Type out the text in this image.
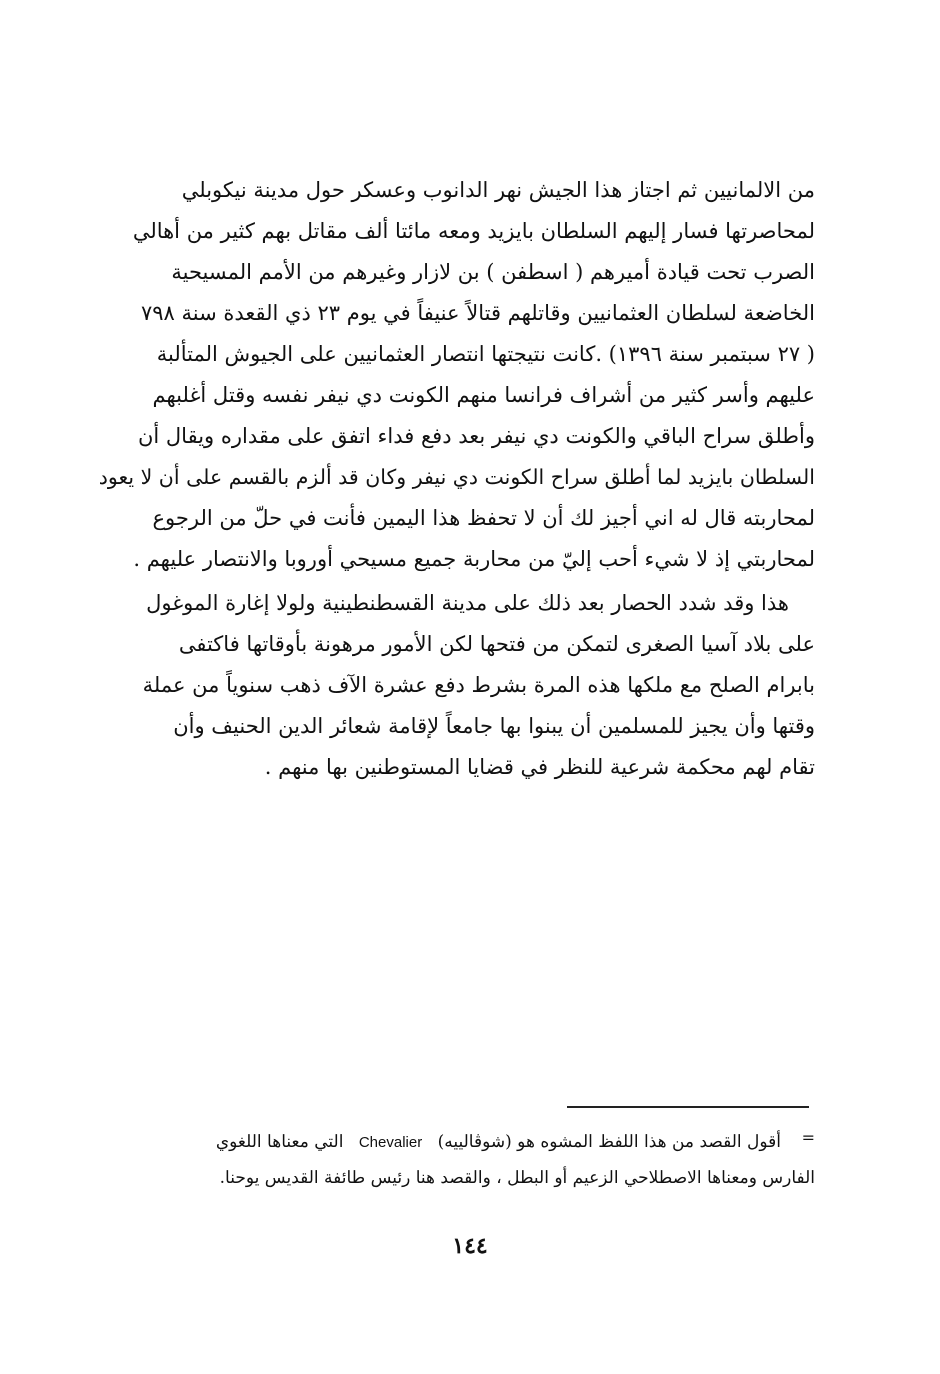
من الالمانيين ثم اجتاز هذا الجيش نهر الدانوب وعسكر حول مدينة نيكوبلي
لمحاصرتها فسار إليهم السلطان بايزيد ومعه مائتا ألف مقاتل بهم كثير من أهالي
الصرب تحت قيادة أميرهم ( اسطفن ) بن لازار وغيرهم من الأمم المسيحية
الخاضعة لسلطان العثمانيين وقاتلهم قتالاً عنيفاً في يوم ٢٣ ذي القعدة سنة ٧٩٨
( ٢٧ سبتمبر سنة ١٣٩٦) .كانت نتيجتها انتصار العثمانيين على الجيوش المتألبة
عليهم وأسر كثير من أشراف فرانسا منهم الكونت دي نيفر نفسه وقتل أغلبهم
وأطلق سراح الباقي والكونت دي نيفر بعد دفع فداء اتفق على مقداره ويقال أن
السلطان بايزيد لما أطلق سراح الكونت دي نيفر وكان قد ألزم بالقسم على أن لا يعود
لمحاربته قال له اني أجيز لك أن لا تحفظ هذا اليمين فأنت في حلّ من الرجوع
لمحاربتي إذ لا شيء أحب إليّ من محاربة جميع مسيحي أوروبا والانتصار عليهم .
هذا وقد شدد الحصار بعد ذلك على مدينة القسطنطينية ولولا إغارة الموغول
على بلاد آسيا الصغرى لتمكن من فتحها لكن الأمور مرهونة بأوقاتها فاكتفى
بابرام الصلح مع ملكها هذه المرة بشرط دفع عشرة الآف ذهب سنوياً من عملة
وقتها وأن يجيز للمسلمين أن يبنوا بها جامعاً لإقامة شعائر الدين الحنيف وأن
تقام لهم محكمة شرعية للنظر في قضايا المستوطنين بها منهم .
=
أقول القصد من هذا اللفظ المشوه هو (شوڤالييه) Chevalier التي معناها اللغوي
الفارس ومعناها الاصطلاحي الزعيم أو البطل ، والقصد هنا رئيس طائفة القديس يوحنا.
١٤٤
